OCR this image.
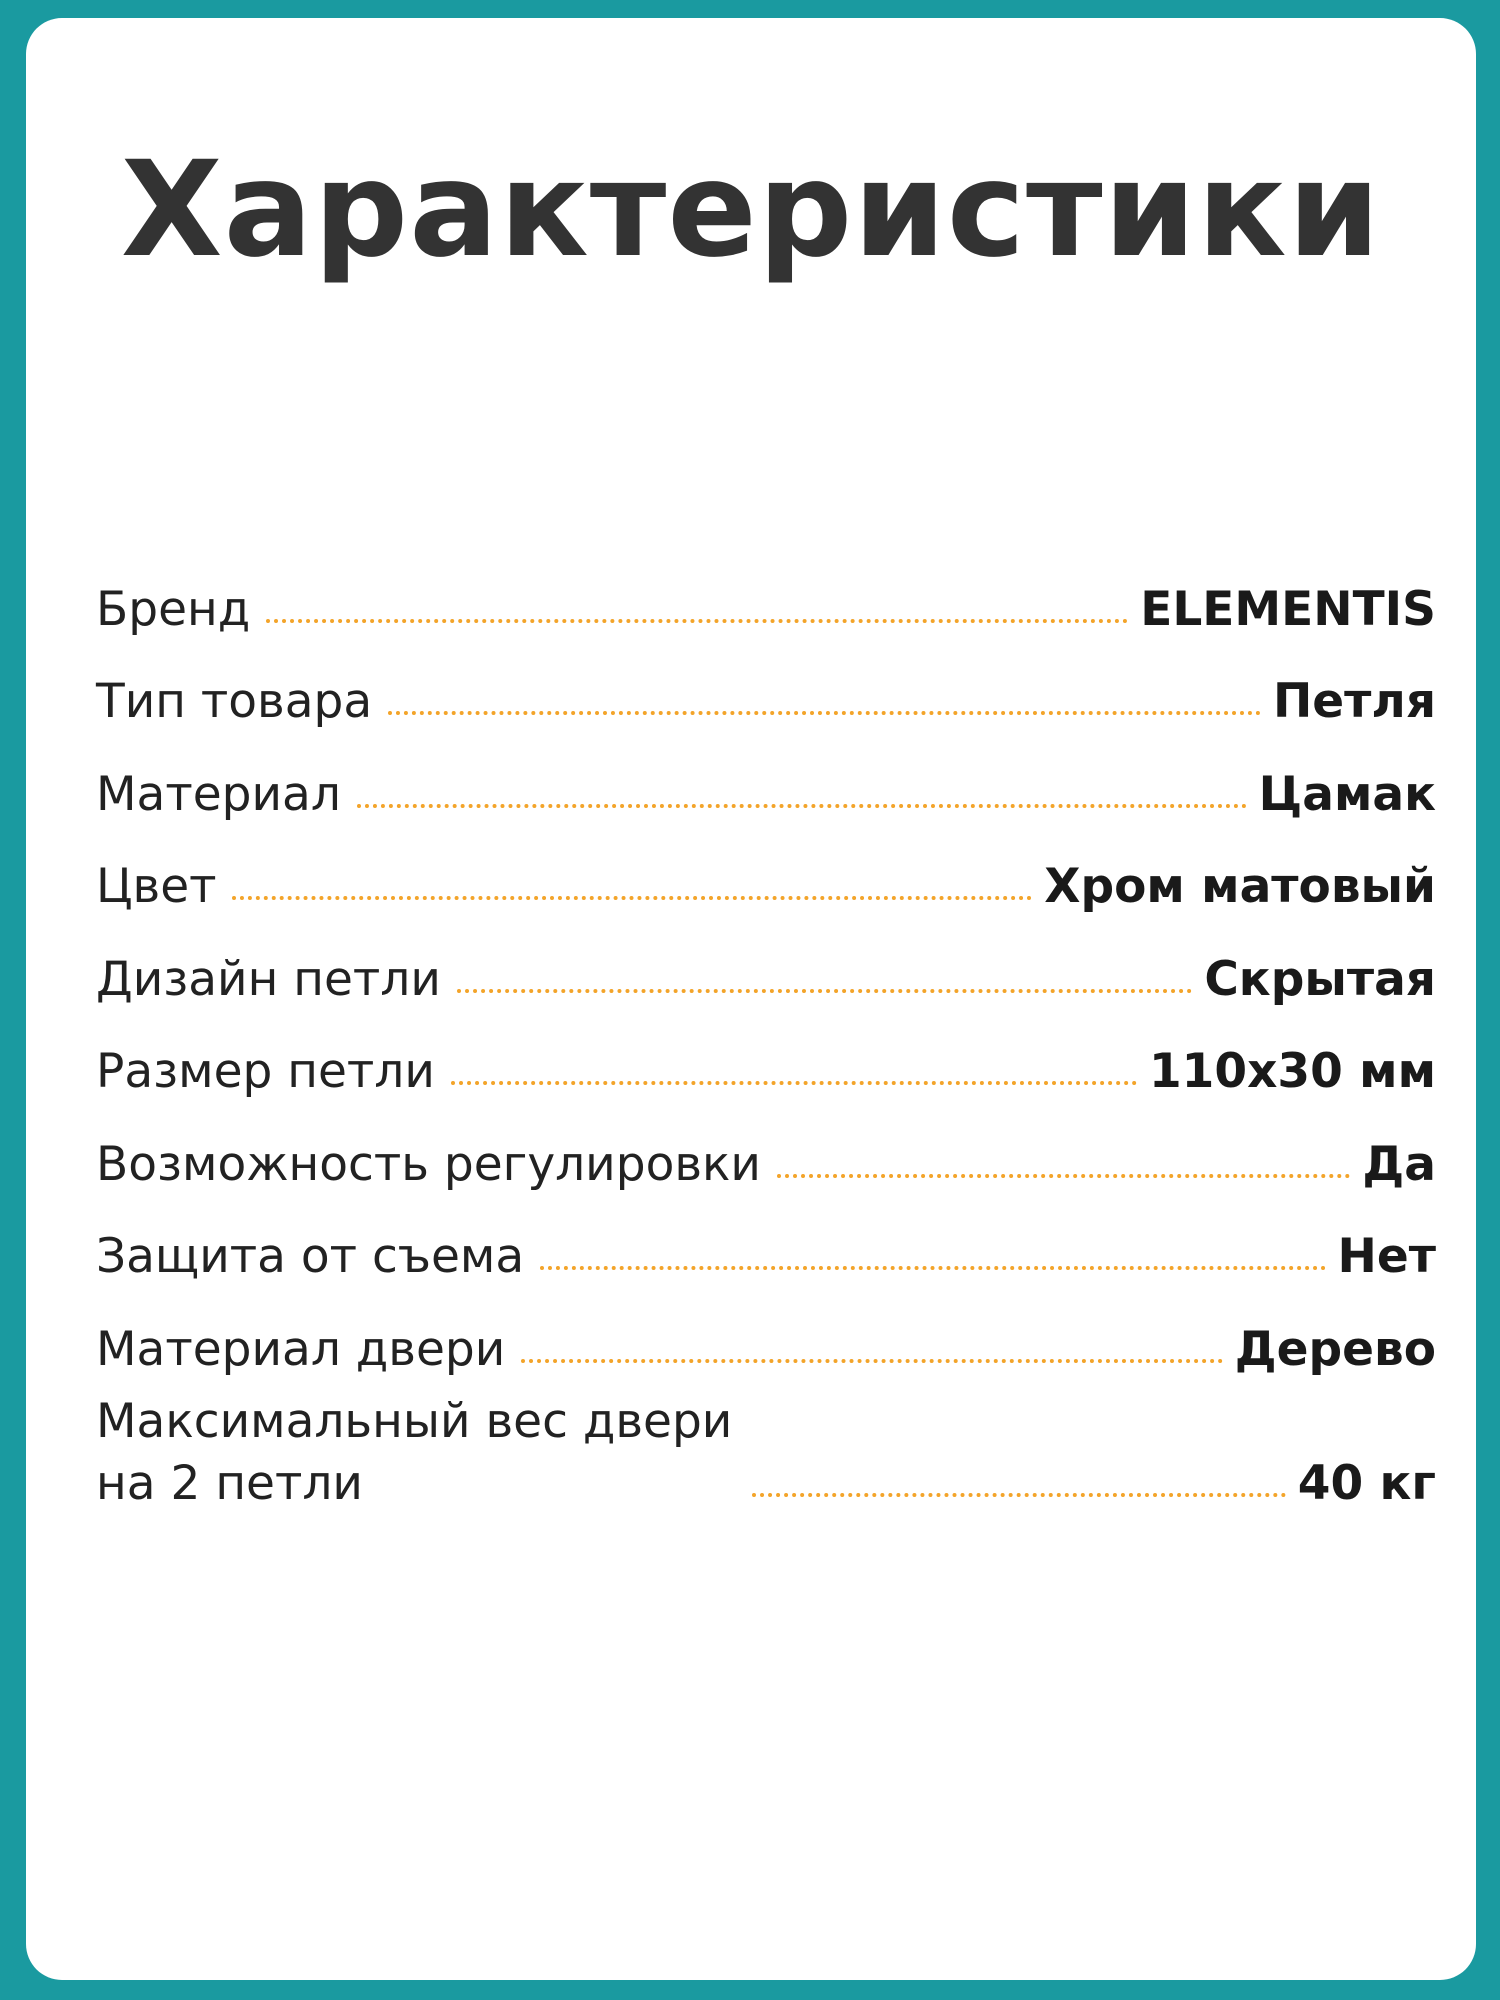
Характеристики
Бренд	ELEMENTIS
Тип товара	Петля
Материал	Цамак
Цвет	Хром матовый
Дизайн петли	Скрытая
Размер петли	110x30 мм
Возможность регулировки	Да
Защита от съема	Нет
Материал двери	Дерево
Максимальный вес двери на 2 петли	40 кг
